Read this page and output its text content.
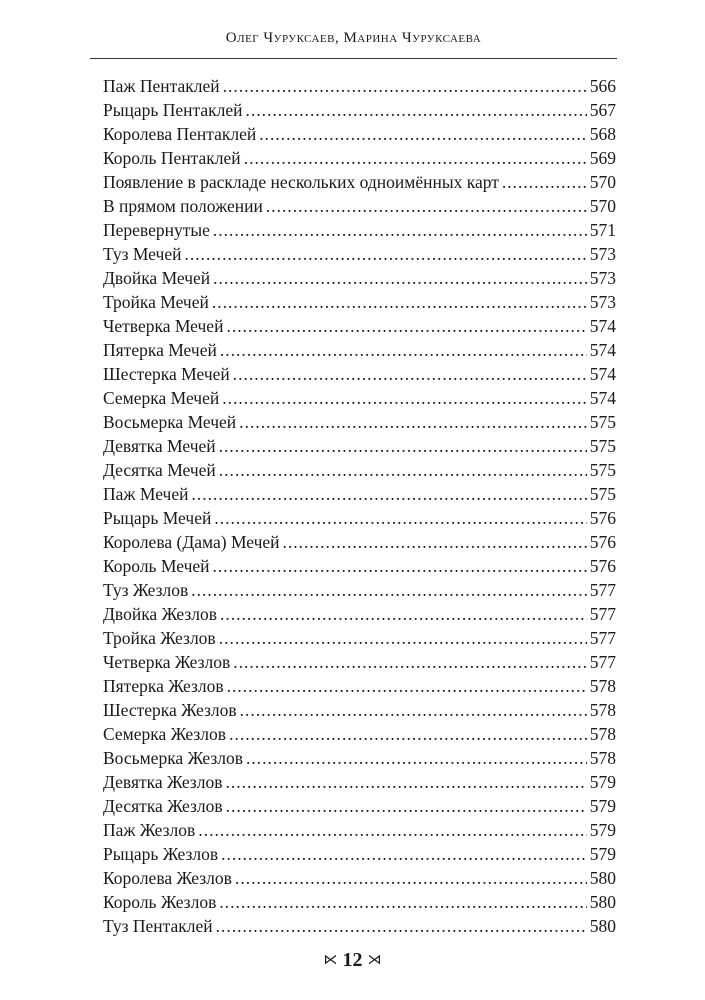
Олег Чуруксаев, Марина Чуруксаева
Паж Пентаклей .....	566
Рыцарь Пентаклей .....	567
Королева Пентаклей .....	568
Король Пентаклей .....	569
Появление в раскладе нескольких одноимённых карт .....	570
В прямом положении .....	570
Перевернутые .....	571
Туз Мечей .....	573
Двойка Мечей .....	573
Тройка Мечей .....	573
Четверка Мечей .....	574
Пятерка Мечей .....	574
Шестерка Мечей .....	574
Семерка Мечей .....	574
Восьмерка Мечей .....	575
Девятка Мечей .....	575
Десятка Мечей .....	575
Паж Мечей .....	575
Рыцарь Мечей .....	576
Королева (Дама) Мечей .....	576
Король Мечей .....	576
Туз Жезлов .....	577
Двойка Жезлов .....	577
Тройка Жезлов .....	577
Четверка Жезлов .....	577
Пятерка Жезлов .....	578
Шестерка Жезлов .....	578
Семерка Жезлов .....	578
Восьмерка Жезлов .....	578
Девятка Жезлов .....	579
Десятка Жезлов .....	579
Паж Жезлов .....	579
Рыцарь Жезлов .....	579
Королева Жезлов .....	580
Король Жезлов .....	580
Туз Пентаклей .....	580
⋉ 12 ⋊
